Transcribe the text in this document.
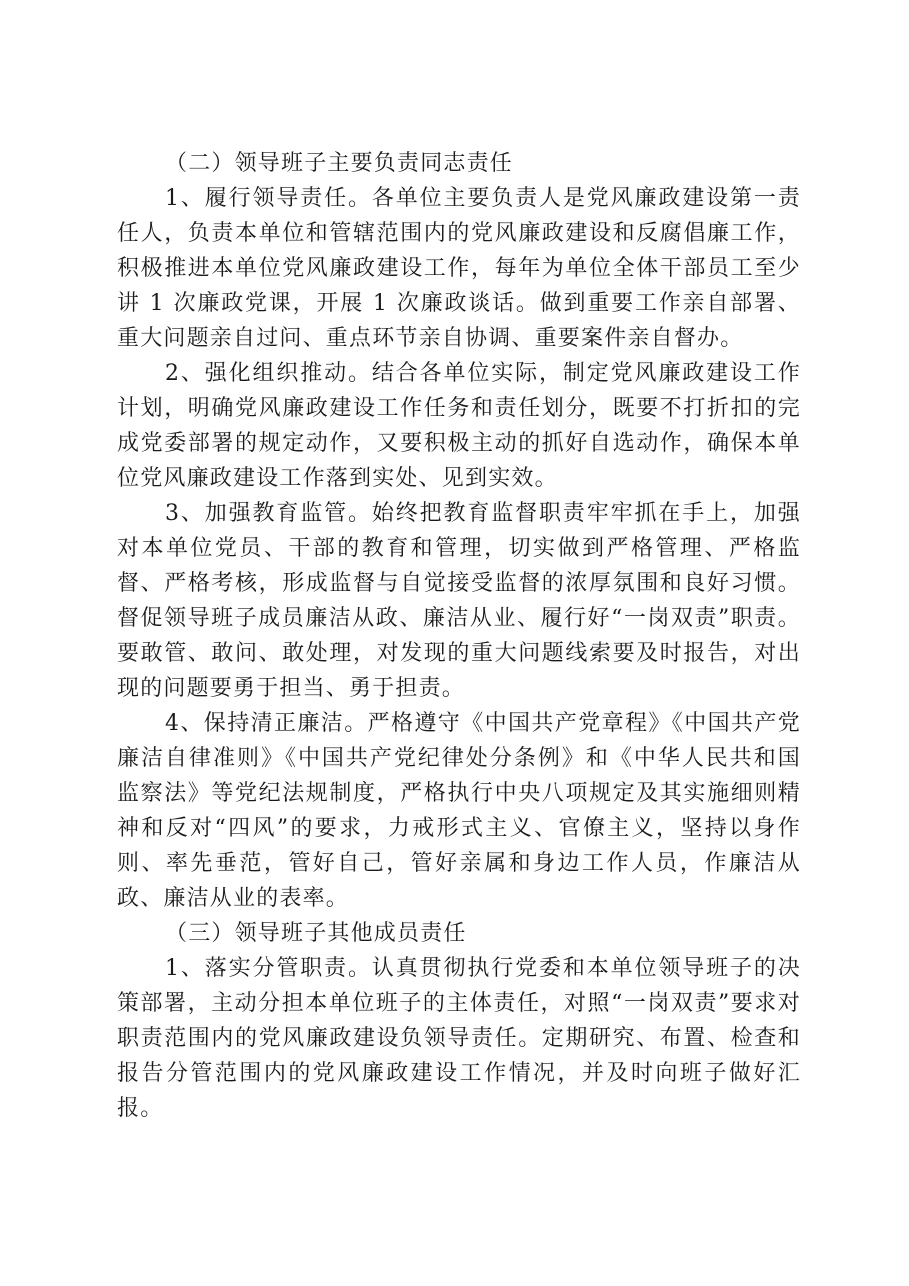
（二）领导班子主要负责同志责任

1、履行领导责任。各单位主要负责人是党风廉政建设第一责任人，负责本单位和管辖范围内的党风廉政建设和反腐倡廉工作，积极推进本单位党风廉政建设工作，每年为单位全体干部员工至少讲 1 次廉政党课，开展 1 次廉政谈话。做到重要工作亲自部署、重大问题亲自过问、重点环节亲自协调、重要案件亲自督办。

2、强化组织推动。结合各单位实际，制定党风廉政建设工作计划，明确党风廉政建设工作任务和责任划分，既要不打折扣的完成党委部署的规定动作，又要积极主动的抓好自选动作，确保本单位党风廉政建设工作落到实处、见到实效。

3、加强教育监管。始终把教育监督职责牢牢抓在手上，加强对本单位党员、干部的教育和管理，切实做到严格管理、严格监督、严格考核，形成监督与自觉接受监督的浓厚氛围和良好习惯。督促领导班子成员廉洁从政、廉洁从业、履行好“一岗双责”职责。要敢管、敢问、敢处理，对发现的重大问题线索要及时报告，对出现的问题要勇于担当、勇于担责。

4、保持清正廉洁。严格遵守《中国共产党章程》《中国共产党廉洁自律准则》《中国共产党纪律处分条例》和《中华人民共和国监察法》等党纪法规制度，严格执行中央八项规定及其实施细则精神和反对“四风”的要求，力戒形式主义、官僚主义，坚持以身作则、率先垂范，管好自己，管好亲属和身边工作人员，作廉洁从政、廉洁从业的表率。

（三）领导班子其他成员责任

1、落实分管职责。认真贯彻执行党委和本单位领导班子的决策部署，主动分担本单位班子的主体责任，对照“一岗双责”要求对职责范围内的党风廉政建设负领导责任。定期研究、布置、检查和报告分管范围内的党风廉政建设工作情况，并及时向班子做好汇报。
